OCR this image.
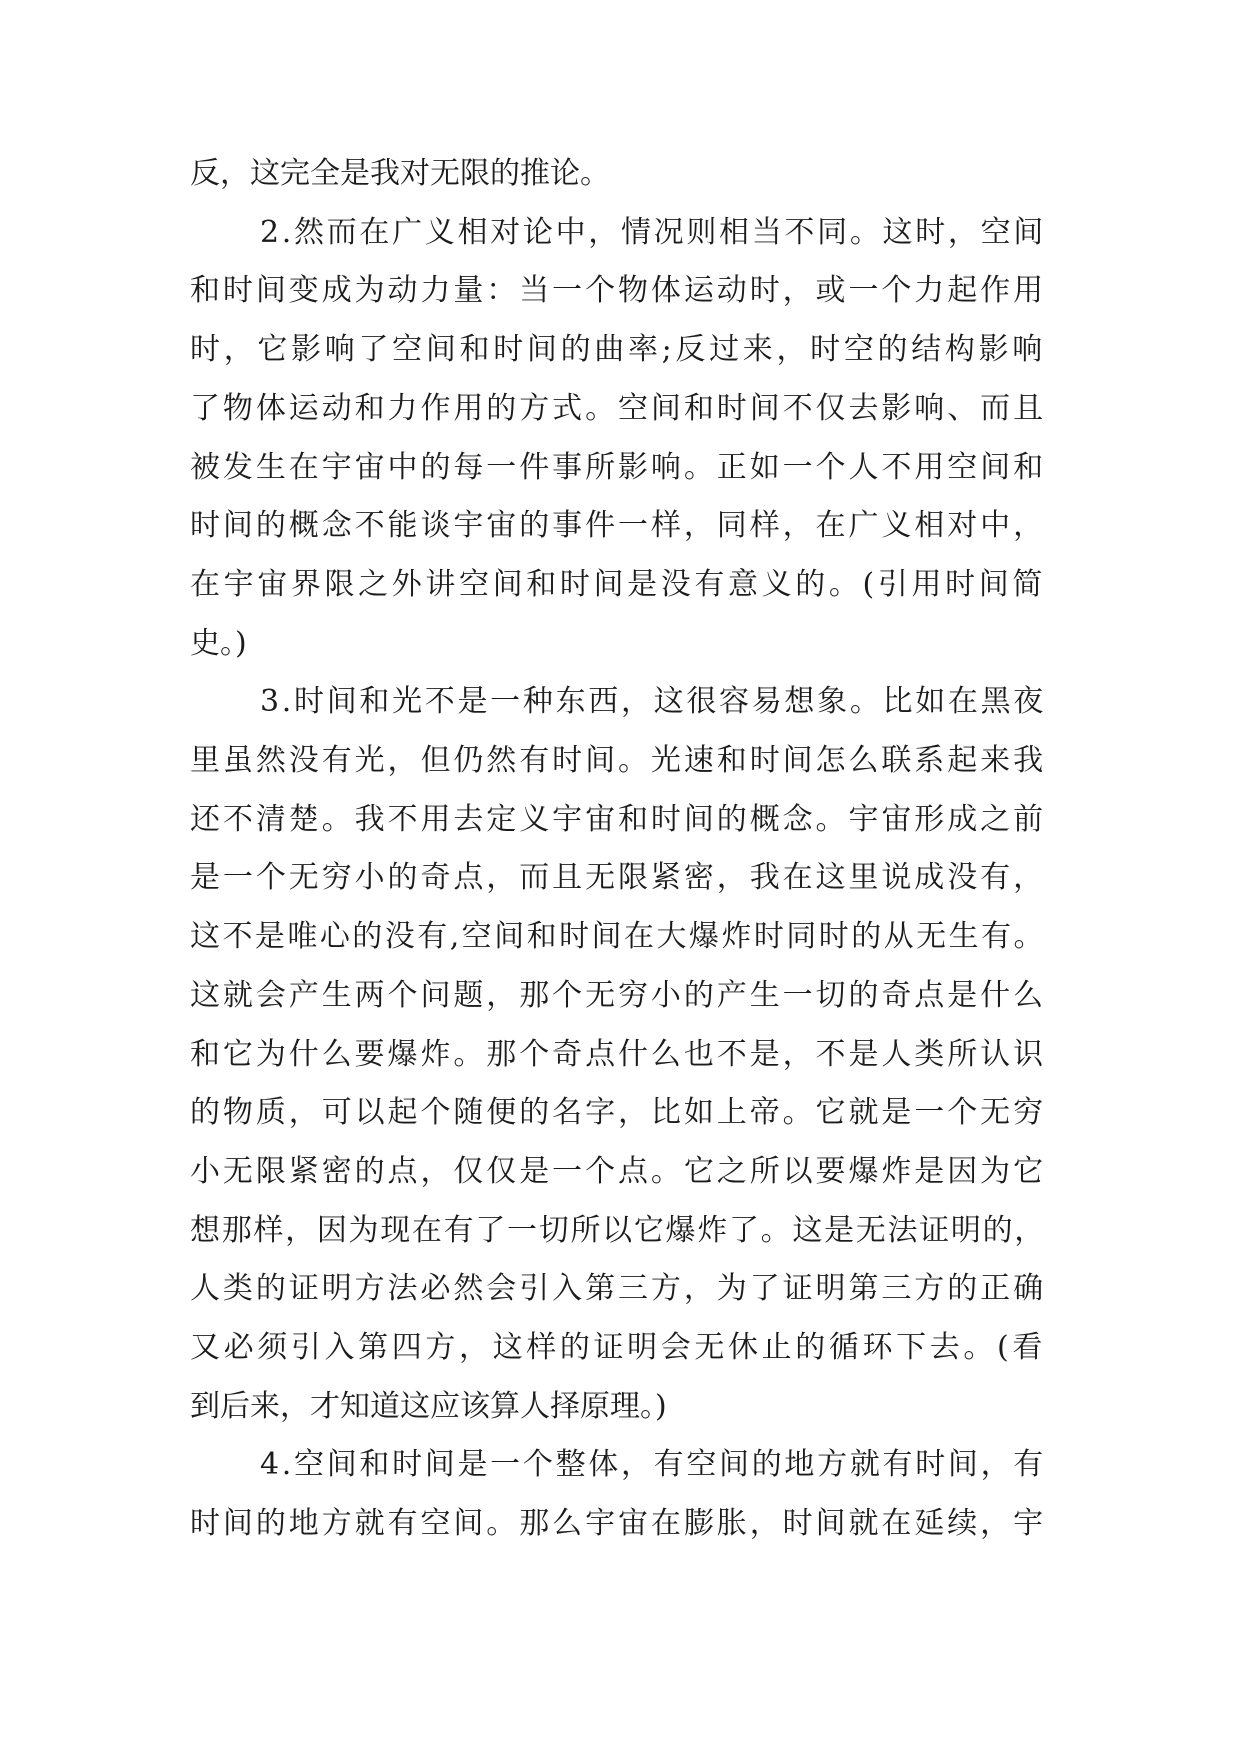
反，这完全是我对无限的推论。

2.然而在广义相对论中，情况则相当不同。这时，空间

和时间变成为动力量：当一个物体运动时，或一个力起作用

时，它影响了空间和时间的曲率;反过来，时空的结构影响

了物体运动和力作用的方式。空间和时间不仅去影响、而且

被发生在宇宙中的每一件事所影响。正如一个人不用空间和

时间的概念不能谈宇宙的事件一样，同样，在广义相对中，

在宇宙界限之外讲空间和时间是没有意义的。(引用时间简

史。)

3.时间和光不是一种东西，这很容易想象。比如在黑夜

里虽然没有光，但仍然有时间。光速和时间怎么联系起来我

还不清楚。我不用去定义宇宙和时间的概念。宇宙形成之前

是一个无穷小的奇点，而且无限紧密，我在这里说成没有，

这不是唯心的没有,空间和时间在大爆炸时同时的从无生有。

这就会产生两个问题，那个无穷小的产生一切的奇点是什么

和它为什么要爆炸。那个奇点什么也不是，不是人类所认识

的物质，可以起个随便的名字，比如上帝。它就是一个无穷

小无限紧密的点，仅仅是一个点。它之所以要爆炸是因为它

想那样，因为现在有了一切所以它爆炸了。这是无法证明的，

人类的证明方法必然会引入第三方，为了证明第三方的正确

又必须引入第四方，这样的证明会无休止的循环下去。(看

到后来，才知道这应该算人择原理。)

4.空间和时间是一个整体，有空间的地方就有时间，有

时间的地方就有空间。那么宇宙在膨胀，时间就在延续，宇
